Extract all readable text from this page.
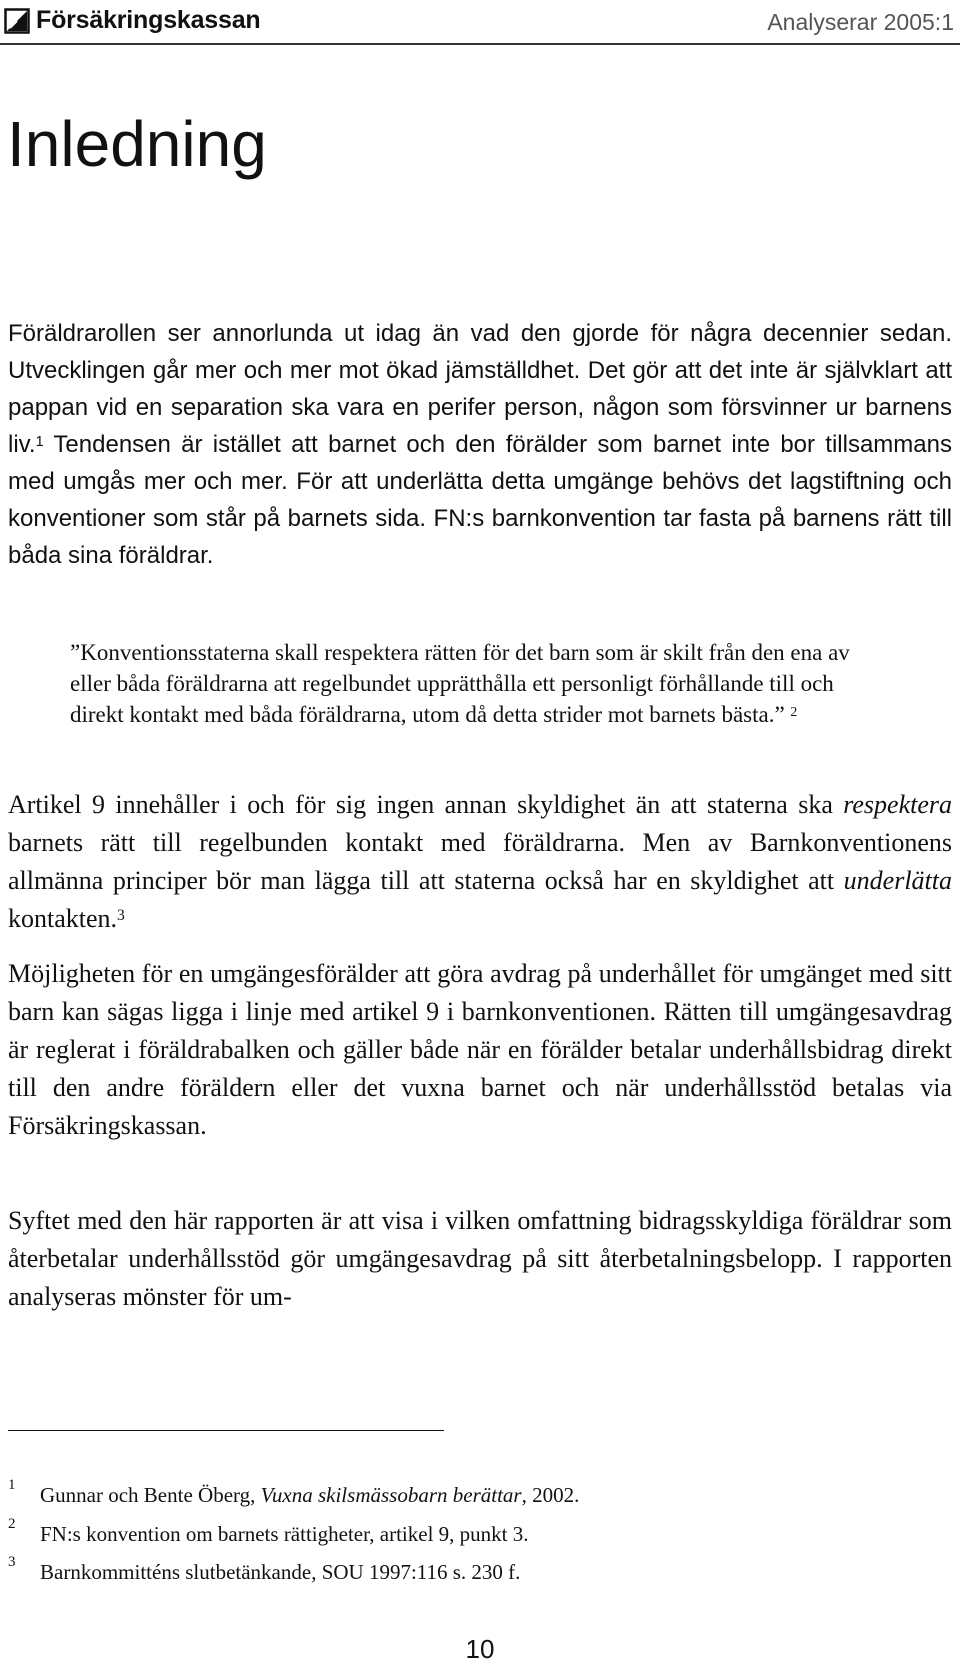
Försäkringskassan	Analyserar 2005:1
Inledning

Föräldrarollen ser annorlunda ut idag än vad den gjorde för några decennier sedan. Utvecklingen går mer och mer mot ökad jämställdhet. Det gör att det inte är självklart att pappan vid en separation ska vara en perifer person, någon som försvinner ur barnens liv.$^1$ Tendensen är istället att barnet och den förälder som barnet inte bor tillsammans med umgås mer och mer. För att underlätta detta umgänge behövs det lagstiftning och konventioner som står på barnets sida. FN:s barnkonvention tar fasta på barnens rätt till båda sina föräldrar.

”Konventionsstaterna skall respektera rätten för det barn som är skilt från den ena av eller båda föräldrarna att regelbundet upprätthålla ett personligt förhållande till och direkt kontakt med båda föräldrarna, utom då detta strider mot barnets bästa.” $^2$

Artikel 9 innehåller i och för sig ingen annan skyldighet än att staterna ska respektera barnets rätt till regelbunden kontakt med föräldrarna. Men av Barnkonventionens allmänna principer bör man lägga till att staterna också har en skyldighet att underlätta kontakten.$^3$

Möjligheten för en umgängesförälder att göra avdrag på underhållet för umgänget med sitt barn kan sägas ligga i linje med artikel 9 i barnkonventionen. Rätten till umgängesavdrag är reglerat i föräldrabalken och gäller både när en förälder betalar underhållsbidrag direkt till den andre föräldern eller det vuxna barnet och när underhållsstöd betalas via Försäkringskassan.

Syftet med den här rapporten är att visa i vilken omfattning bidragsskyldiga föräldrar som återbetalar underhållsstöd gör umgängesavdrag på sitt återbetalningsbelopp. I rapporten analyseras mönster för um-

1 Gunnar och Bente Öberg, Vuxna skilsmässobarn berättar, 2002.
2 FN:s konvention om barnets rättigheter, artikel 9, punkt 3.
3 Barnkommitténs slutbetänkande, SOU 1997:116 s. 230 f.
10
